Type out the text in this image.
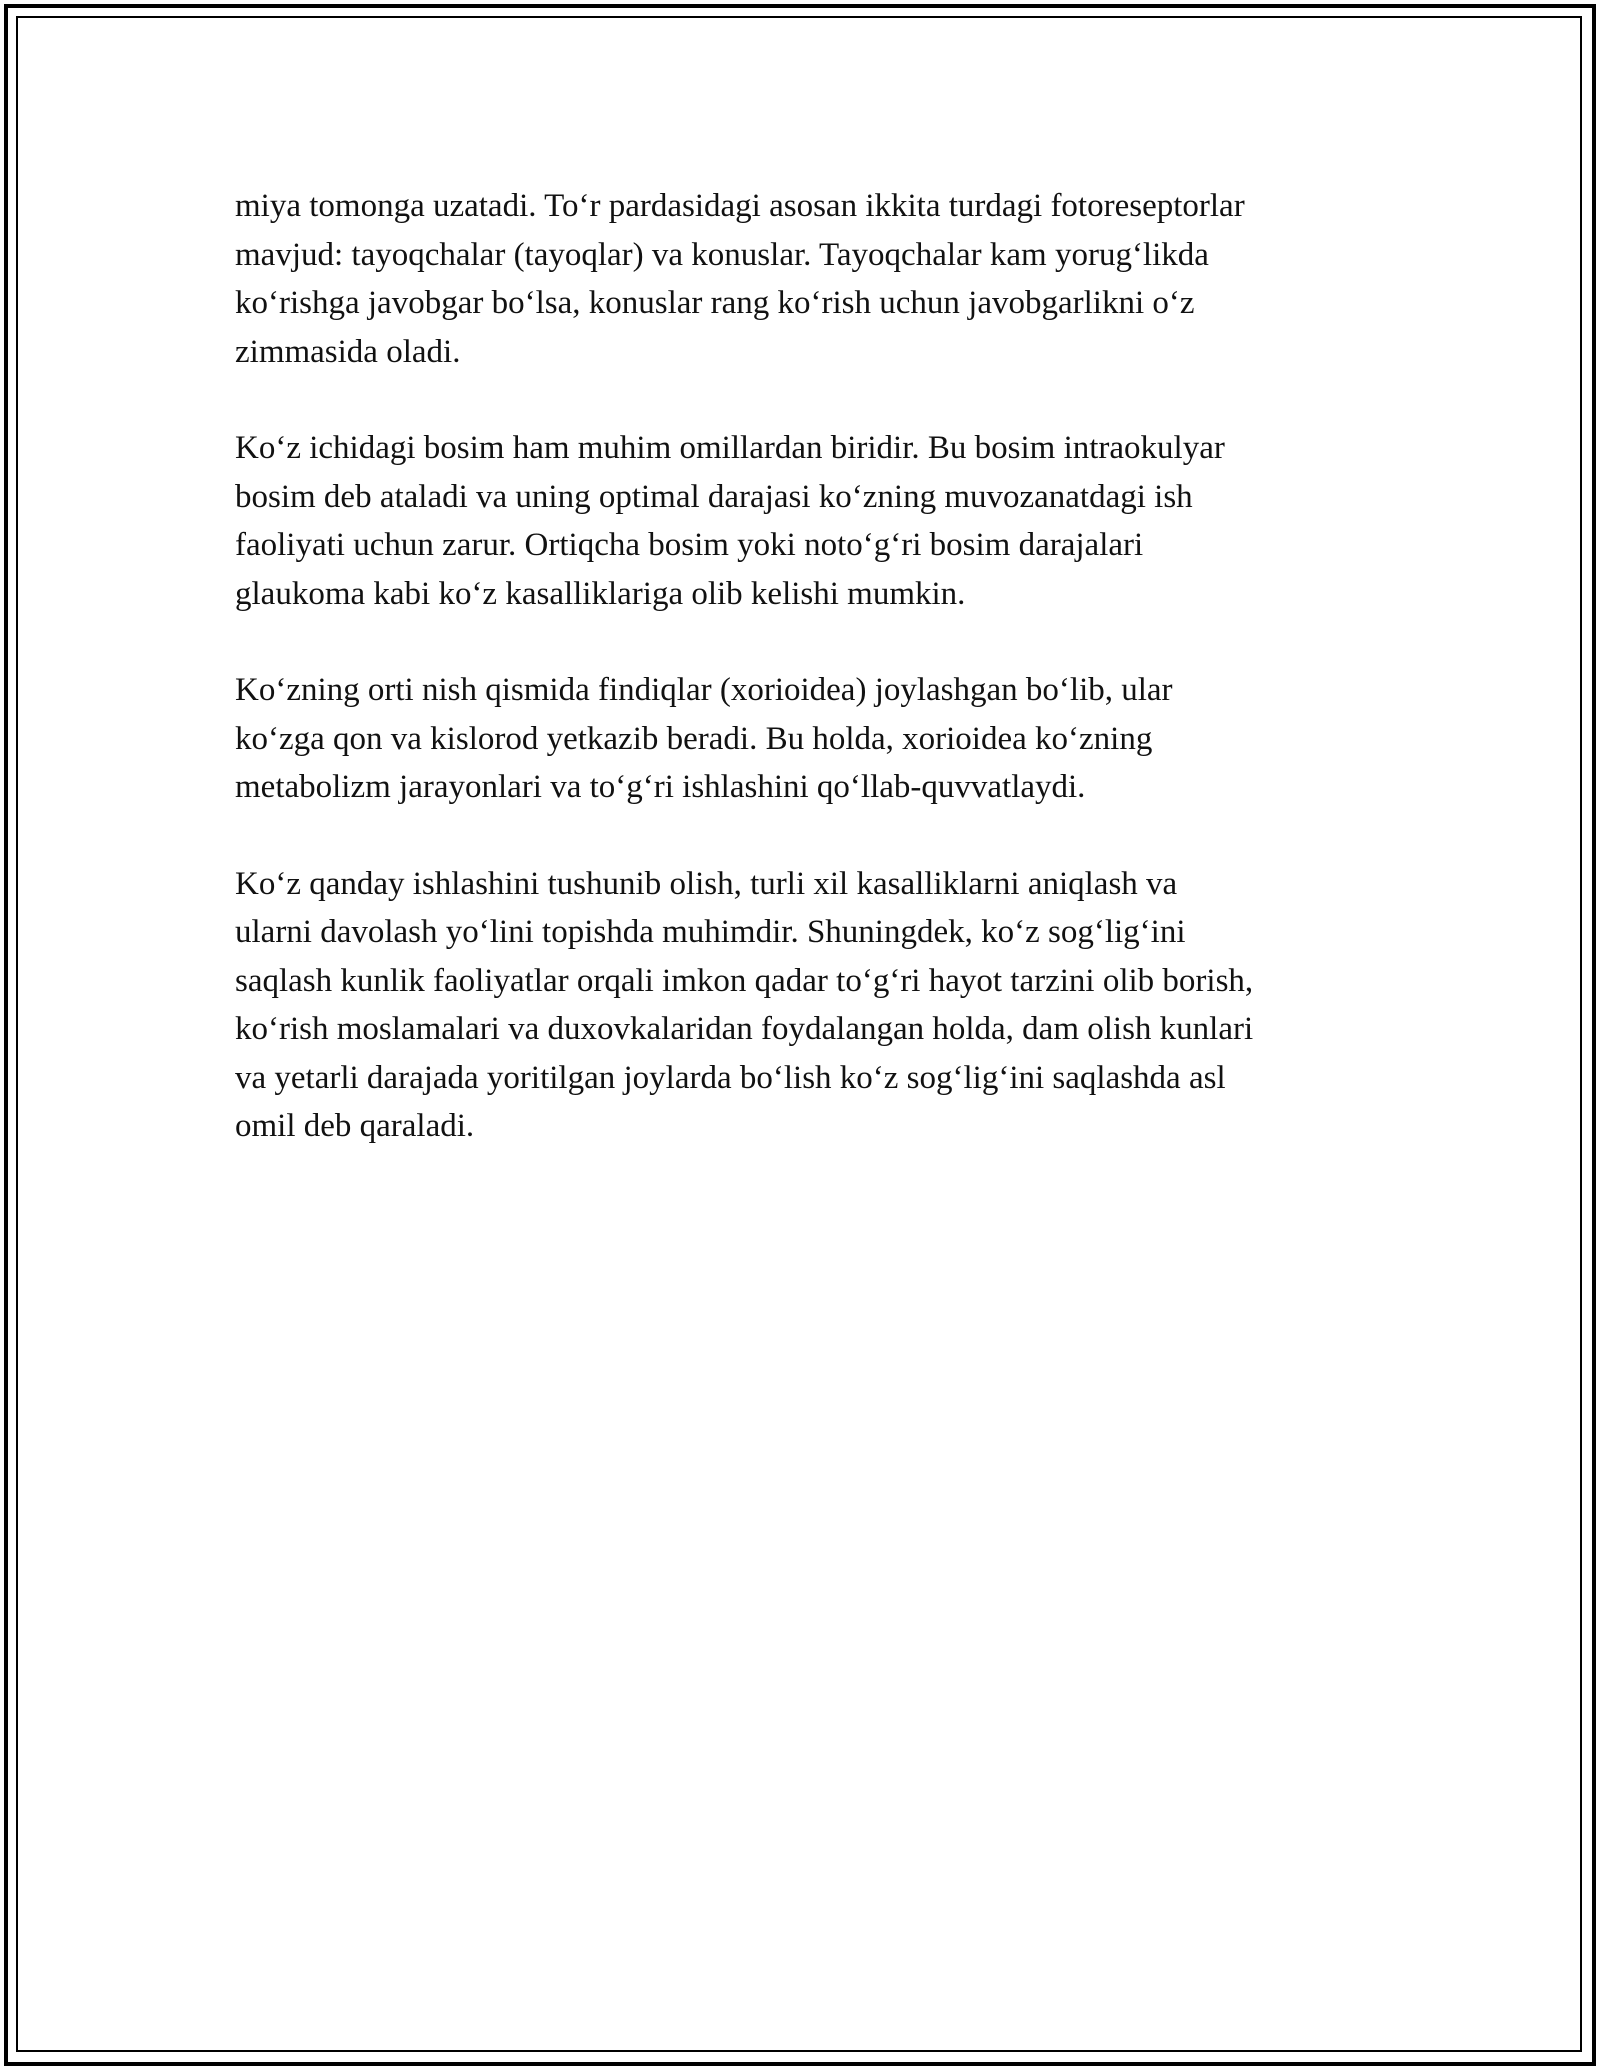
miya tomonga uzatadi. To‘r pardasidagi asosan ikkita turdagi fotoreseptorlar
mavjud: tayoqchalar (tayoqlar) va konuslar. Tayoqchalar kam yorug‘likda
ko‘rishga javobgar bo‘lsa, konuslar rang ko‘rish uchun javobgarlikni o‘z
zimmasida oladi.

Ko‘z ichidagi bosim ham muhim omillardan biridir. Bu bosim intraokulyar
bosim deb ataladi va uning optimal darajasi ko‘zning muvozanatdagi ish
faoliyati uchun zarur. Ortiqcha bosim yoki noto‘g‘ri bosim darajalari
glaukoma kabi ko‘z kasalliklariga olib kelishi mumkin.

Ko‘zning orti nish qismida findiqlar (xorioidea) joylashgan bo‘lib, ular
ko‘zga qon va kislorod yetkazib beradi. Bu holda, xorioidea ko‘zning
metabolizm jarayonlari va to‘g‘ri ishlashini qo‘llab-quvvatlaydi.

Ko‘z qanday ishlashini tushunib olish, turli xil kasalliklarni aniqlash va
ularni davolash yo‘lini topishda muhimdir. Shuningdek, ko‘z sog‘lig‘ini
saqlash kunlik faoliyatlar orqali imkon qadar to‘g‘ri hayot tarzini olib borish,
ko‘rish moslamalari va duxovkalaridan foydalangan holda, dam olish kunlari
va yetarli darajada yoritilgan joylarda bo‘lish ko‘z sog‘lig‘ini saqlashda asl
omil deb qaraladi.
